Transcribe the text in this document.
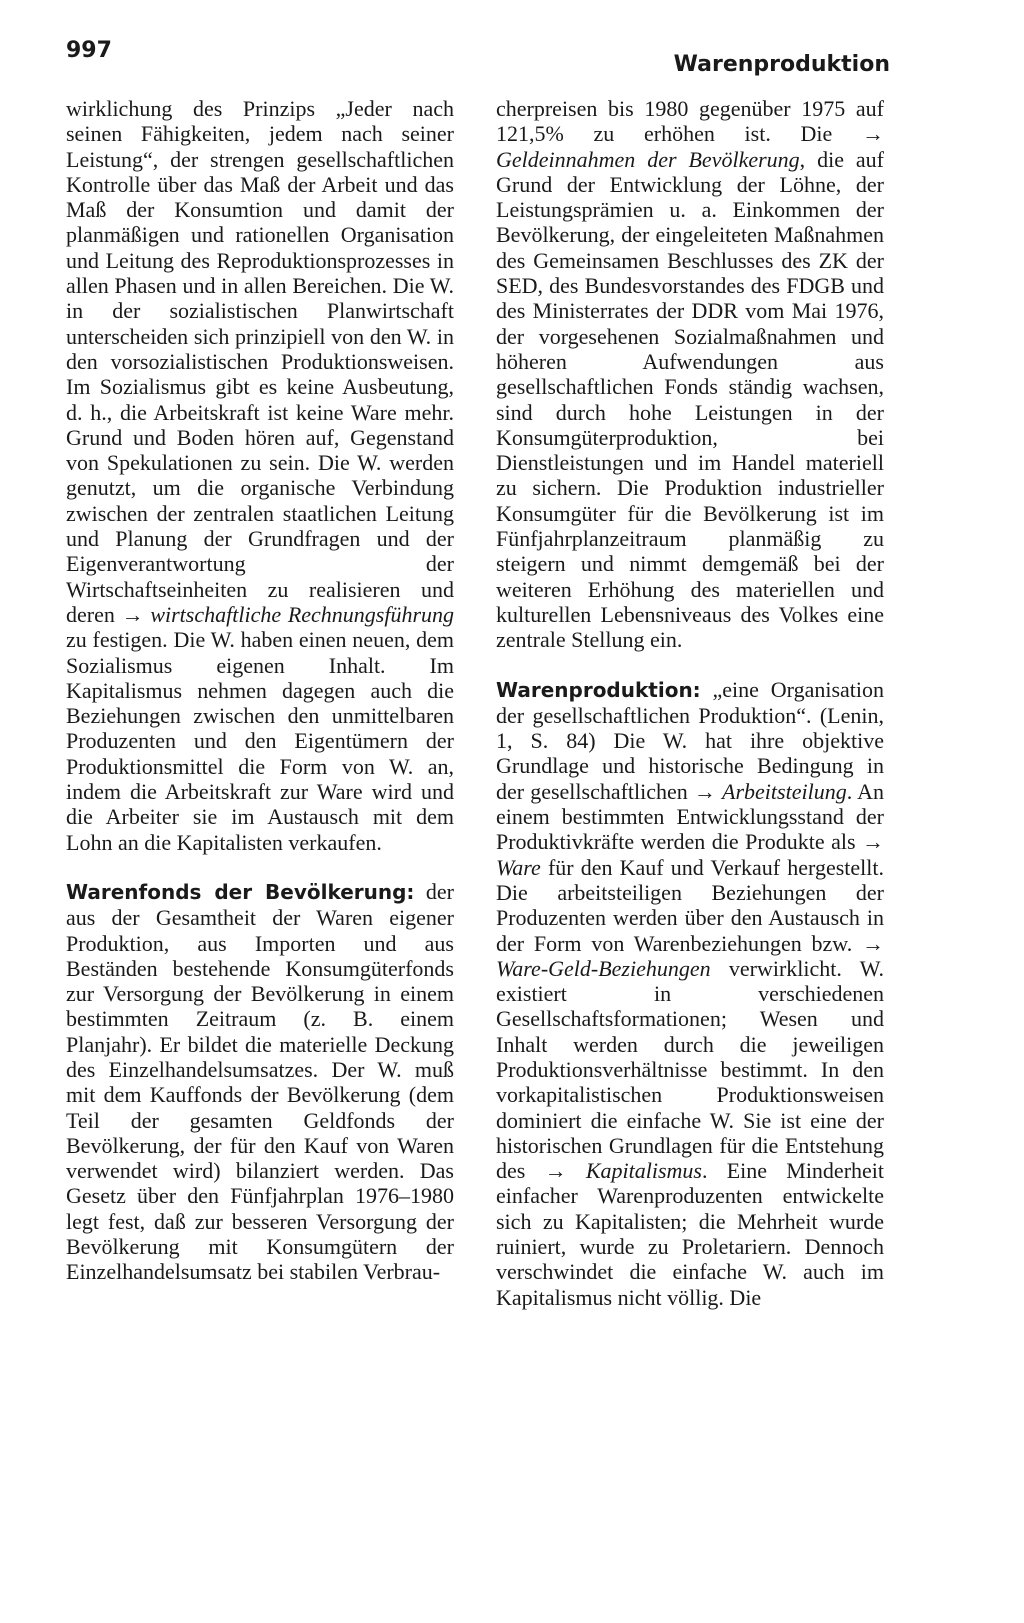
997
Warenproduktion

wirklichung des Prinzips „Jeder nach seinen Fähigkeiten, jedem nach seiner Leistung“, der strengen gesellschaftlichen Kontrolle über das Maß der Arbeit und das Maß der Konsumtion und damit der planmäßigen und rationellen Organisation und Leitung des Reproduktionsprozesses in allen Phasen und in allen Bereichen. Die W. in der sozialistischen Planwirtschaft unterscheiden sich prinzipiell von den W. in den vorsozialistischen Produktionsweisen. Im Sozialismus gibt es keine Ausbeutung, d. h., die Arbeitskraft ist keine Ware mehr. Grund und Boden hören auf, Gegenstand von Spekulationen zu sein. Die W. werden genutzt, um die organische Verbindung zwischen der zentralen staatlichen Leitung und Planung der Grundfragen und der Eigenverantwortung der Wirtschaftseinheiten zu realisieren und deren → wirtschaftliche Rechnungsführung zu festigen. Die W. haben einen neuen, dem Sozialismus eigenen Inhalt. Im Kapitalismus nehmen dagegen auch die Beziehungen zwischen den unmittelbaren Produzenten und den Eigentümern der Produktionsmittel die Form von W. an, indem die Arbeitskraft zur Ware wird und die Arbeiter sie im Austausch mit dem Lohn an die Kapitalisten verkaufen.

Warenfonds der Bevölkerung: der aus der Gesamtheit der Waren eigener Produktion, aus Importen und aus Beständen bestehende Konsumgüterfonds zur Versorgung der Bevölkerung in einem bestimmten Zeitraum (z. B. einem Planjahr). Er bildet die materielle Deckung des Einzelhandelsumsatzes. Der W. muß mit dem Kauffonds der Bevölkerung (dem Teil der gesamten Geldfonds der Bevölkerung, der für den Kauf von Waren verwendet wird) bilanziert werden. Das Gesetz über den Fünfjahrplan 1976–1980 legt fest, daß zur besseren Versorgung der Bevölkerung mit Konsumgütern der Einzelhandelsumsatz bei stabilen Verbrau-

cherpreisen bis 1980 gegenüber 1975 auf 121,5% zu erhöhen ist. Die → Geldeinnahmen der Bevölkerung, die auf Grund der Entwicklung der Löhne, der Leistungsprämien u. a. Einkommen der Bevölkerung, der eingeleiteten Maßnahmen des Gemeinsamen Beschlusses des ZK der SED, des Bundesvorstandes des FDGB und des Ministerrates der DDR vom Mai 1976, der vorgesehenen Sozialmaßnahmen und höheren Aufwendungen aus gesellschaftlichen Fonds ständig wachsen, sind durch hohe Leistungen in der Konsumgüterproduktion, bei Dienstleistungen und im Handel materiell zu sichern. Die Produktion industrieller Konsumgüter für die Bevölkerung ist im Fünfjahrplanzeitraum planmäßig zu steigern und nimmt demgemäß bei der weiteren Erhöhung des materiellen und kulturellen Lebensniveaus des Volkes eine zentrale Stellung ein.

Warenproduktion: „eine Organisation der gesellschaftlichen Produktion“. (Lenin, 1, S. 84) Die W. hat ihre objektive Grundlage und historische Bedingung in der gesellschaftlichen → Arbeitsteilung. An einem bestimmten Entwicklungsstand der Produktivkräfte werden die Produkte als → Ware für den Kauf und Verkauf hergestellt. Die arbeitsteiligen Beziehungen der Produzenten werden über den Austausch in der Form von Warenbeziehungen bzw. → Ware-Geld-Beziehungen verwirklicht. W. existiert in verschiedenen Gesellschaftsformationen; Wesen und Inhalt werden durch die jeweiligen Produktionsverhältnisse bestimmt. In den vorkapitalistischen Produktionsweisen dominiert die einfache W. Sie ist eine der historischen Grundlagen für die Entstehung des → Kapitalismus. Eine Minderheit einfacher Warenproduzenten entwickelte sich zu Kapitalisten; die Mehrheit wurde ruiniert, wurde zu Proletariern. Dennoch verschwindet die einfache W. auch im Kapitalismus nicht völlig. Die
